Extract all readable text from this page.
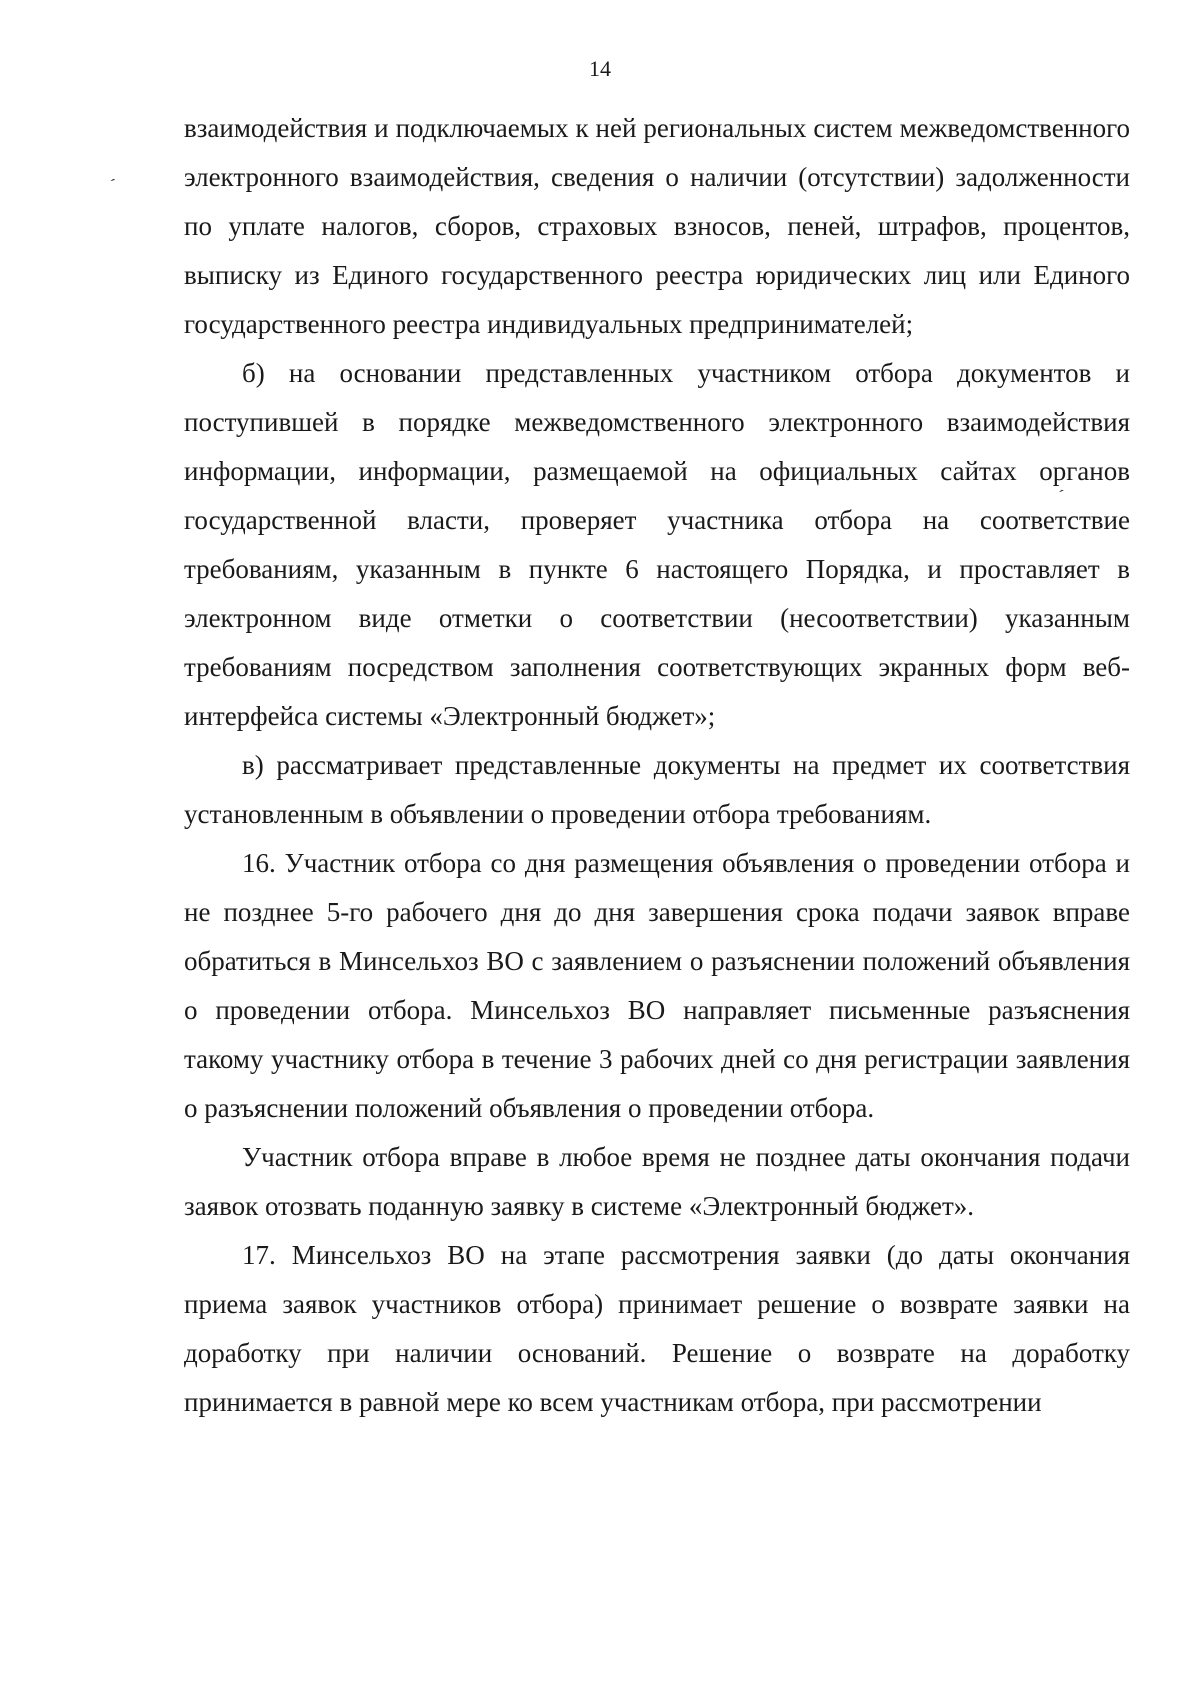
14
ˊ
ˊ

взаимодействия и подключаемых к ней региональных систем межведомственного электронного взаимодействия, сведения о наличии (отсутствии) задолженности по уплате налогов, сборов, страховых взносов, пеней, штрафов, процентов, выписку из Единого государственного реестра юридических лиц или Единого государственного реестра индивидуальных предпринимателей;

б) на основании представленных участником отбора документов и поступившей в порядке межведомственного электронного взаимодействия информации, информации, размещаемой на официальных сайтах органов государственной власти, проверяет участника отбора на соответствие требованиям, указанным в пункте 6 настоящего Порядка, и проставляет в электронном виде отметки о соответствии (несоответствии) указанным требованиям посредством заполнения соответствующих экранных форм веб-интерфейса системы «Электронный бюджет»;

в) рассматривает представленные документы на предмет их соответствия установленным в объявлении о проведении отбора требованиям.

16. Участник отбора со дня размещения объявления о проведении отбора и не позднее 5-го рабочего дня до дня завершения срока подачи заявок вправе обратиться в Минсельхоз ВО с заявлением о разъяснении положений объявления о проведении отбора. Минсельхоз ВО направляет письменные разъяснения такому участнику отбора в течение 3 рабочих дней со дня регистрации заявления о разъяснении положений объявления о проведении отбора.

Участник отбора вправе в любое время не позднее даты окончания подачи заявок отозвать поданную заявку в системе «Электронный бюджет».

17. Минсельхоз ВО на этапе рассмотрения заявки (до даты окончания приема заявок участников отбора) принимает решение о возврате заявки на доработку при наличии оснований. Решение о возврате на доработку принимается в равной мере ко всем участникам отбора, при рассмотрении
